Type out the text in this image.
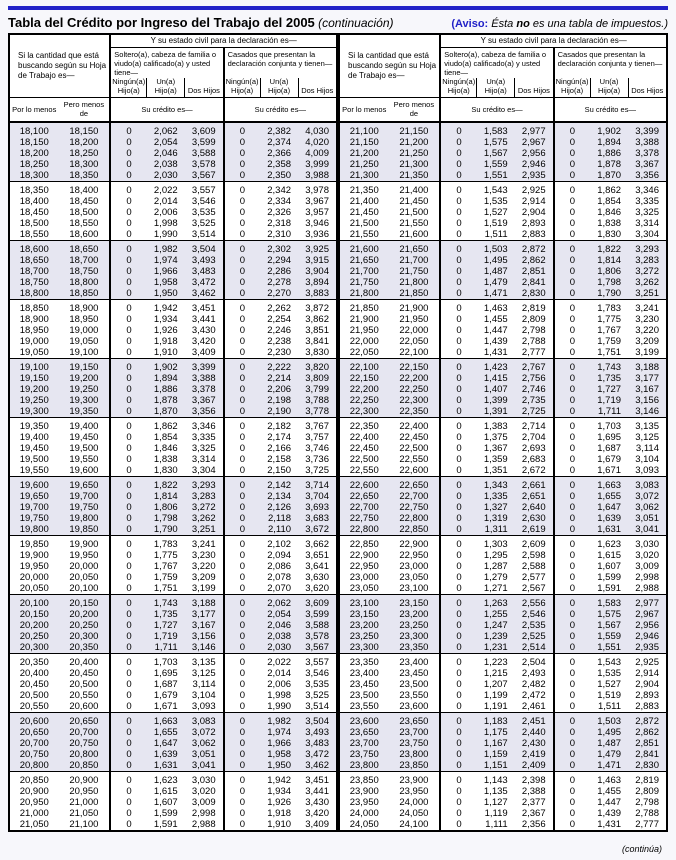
Tabla del Crédito por Ingreso del Trabajo del 2005 (continuación)	(Aviso: Ésta no es una tabla de impuestos.)
Si la cantidad que está buscando según su Hoja de Trabajo es—		Y su estado civil para la declaración es—					
		Soltero(a), cabeza de familia o viudo(a) calificado(a) y usted tiene—			Casados que presentan la declaración conjunta y tienen—		
		Ningún(a) Hijo(a)	Un(a) Hijo(a)	Dos Hijos	Ningún(a) Hijo(a)	Un(a) Hijo(a)	Dos Hijos
Por lo menos	Pero menos de	Su crédito es—			Su crédito es—		
18,100	18,150	0	2,062	3,609	0	2,382	4,030
18,150	18,200	0	2,054	3,599	0	2,374	4,020
18,200	18,250	0	2,046	3,588	0	2,366	4,009
18,250	18,300	0	2,038	3,578	0	2,358	3,999
18,300	18,350	0	2,030	3,567	0	2,350	3,988
18,350	18,400	0	2,022	3,557	0	2,342	3,978
18,400	18,450	0	2,014	3,546	0	2,334	3,967
18,450	18,500	0	2,006	3,535	0	2,326	3,957
18,500	18,550	0	1,998	3,525	0	2,318	3,946
18,550	18,600	0	1,990	3,514	0	2,310	3,936
18,600	18,650	0	1,982	3,504	0	2,302	3,925
18,650	18,700	0	1,974	3,493	0	2,294	3,915
18,700	18,750	0	1,966	3,483	0	2,286	3,904
18,750	18,800	0	1,958	3,472	0	2,278	3,894
18,800	18,850	0	1,950	3,462	0	2,270	3,883
18,850	18,900	0	1,942	3,451	0	2,262	3,872
18,900	18,950	0	1,934	3,441	0	2,254	3,862
18,950	19,000	0	1,926	3,430	0	2,246	3,851
19,000	19,050	0	1,918	3,420	0	2,238	3,841
19,050	19,100	0	1,910	3,409	0	2,230	3,830
19,100	19,150	0	1,902	3,399	0	2,222	3,820
19,150	19,200	0	1,894	3,388	0	2,214	3,809
19,200	19,250	0	1,886	3,378	0	2,206	3,799
19,250	19,300	0	1,878	3,367	0	2,198	3,788
19,300	19,350	0	1,870	3,356	0	2,190	3,778
19,350	19,400	0	1,862	3,346	0	2,182	3,767
19,400	19,450	0	1,854	3,335	0	2,174	3,757
19,450	19,500	0	1,846	3,325	0	2,166	3,746
19,500	19,550	0	1,838	3,314	0	2,158	3,736
19,550	19,600	0	1,830	3,304	0	2,150	3,725
19,600	19,650	0	1,822	3,293	0	2,142	3,714
19,650	19,700	0	1,814	3,283	0	2,134	3,704
19,700	19,750	0	1,806	3,272	0	2,126	3,693
19,750	19,800	0	1,798	3,262	0	2,118	3,683
19,800	19,850	0	1,790	3,251	0	2,110	3,672
19,850	19,900	0	1,783	3,241	0	2,102	3,662
19,900	19,950	0	1,775	3,230	0	2,094	3,651
19,950	20,000	0	1,767	3,220	0	2,086	3,641
20,000	20,050	0	1,759	3,209	0	2,078	3,630
20,050	20,100	0	1,751	3,199	0	2,070	3,620
20,100	20,150	0	1,743	3,188	0	2,062	3,609
20,150	20,200	0	1,735	3,177	0	2,054	3,599
20,200	20,250	0	1,727	3,167	0	2,046	3,588
20,250	20,300	0	1,719	3,156	0	2,038	3,578
20,300	20,350	0	1,711	3,146	0	2,030	3,567
20,350	20,400	0	1,703	3,135	0	2,022	3,557
20,400	20,450	0	1,695	3,125	0	2,014	3,546
20,450	20,500	0	1,687	3,114	0	2,006	3,535
20,500	20,550	0	1,679	3,104	0	1,998	3,525
20,550	20,600	0	1,671	3,093	0	1,990	3,514
20,600	20,650	0	1,663	3,083	0	1,982	3,504
20,650	20,700	0	1,655	3,072	0	1,974	3,493
20,700	20,750	0	1,647	3,062	0	1,966	3,483
20,750	20,800	0	1,639	3,051	0	1,958	3,472
20,800	20,850	0	1,631	3,041	0	1,950	3,462
20,850	20,900	0	1,623	3,030	0	1,942	3,451
20,900	20,950	0	1,615	3,020	0	1,934	3,441
20,950	21,000	0	1,607	3,009	0	1,926	3,430
21,000	21,050	0	1,599	2,998	0	1,918	3,420
21,050	21,100	0	1,591	2,988	0	1,910	3,409
Si la cantidad que está buscando según su Hoja de Trabajo es—		Y su estado civil para la declaración es—					
		Soltero(a), cabeza de familia o viudo(a) calificado(a) y usted tiene—			Casados que presentan la declaración conjunta y tienen—		
		Ningún(a) Hijo(a)	Un(a) Hijo(a)	Dos Hijos	Ningún(a) Hijo(a)	Un(a) Hijo(a)	Dos Hijos
Por lo menos	Pero menos de	Su crédito es—			Su crédito es—		
21,100	21,150	0	1,583	2,977	0	1,902	3,399
21,150	21,200	0	1,575	2,967	0	1,894	3,388
21,200	21,250	0	1,567	2,956	0	1,886	3,378
21,250	21,300	0	1,559	2,946	0	1,878	3,367
21,300	21,350	0	1,551	2,935	0	1,870	3,356
21,350	21,400	0	1,543	2,925	0	1,862	3,346
21,400	21,450	0	1,535	2,914	0	1,854	3,335
21,450	21,500	0	1,527	2,904	0	1,846	3,325
21,500	21,550	0	1,519	2,893	0	1,838	3,314
21,550	21,600	0	1,511	2,883	0	1,830	3,304
21,600	21,650	0	1,503	2,872	0	1,822	3,293
21,650	21,700	0	1,495	2,862	0	1,814	3,283
21,700	21,750	0	1,487	2,851	0	1,806	3,272
21,750	21,800	0	1,479	2,841	0	1,798	3,262
21,800	21,850	0	1,471	2,830	0	1,790	3,251
21,850	21,900	0	1,463	2,819	0	1,783	3,241
21,900	21,950	0	1,455	2,809	0	1,775	3,230
21,950	22,000	0	1,447	2,798	0	1,767	3,220
22,000	22,050	0	1,439	2,788	0	1,759	3,209
22,050	22,100	0	1,431	2,777	0	1,751	3,199
22,100	22,150	0	1,423	2,767	0	1,743	3,188
22,150	22,200	0	1,415	2,756	0	1,735	3,177
22,200	22,250	0	1,407	2,746	0	1,727	3,167
22,250	22,300	0	1,399	2,735	0	1,719	3,156
22,300	22,350	0	1,391	2,725	0	1,711	3,146
22,350	22,400	0	1,383	2,714	0	1,703	3,135
22,400	22,450	0	1,375	2,704	0	1,695	3,125
22,450	22,500	0	1,367	2,693	0	1,687	3,114
22,500	22,550	0	1,359	2,683	0	1,679	3,104
22,550	22,600	0	1,351	2,672	0	1,671	3,093
22,600	22,650	0	1,343	2,661	0	1,663	3,083
22,650	22,700	0	1,335	2,651	0	1,655	3,072
22,700	22,750	0	1,327	2,640	0	1,647	3,062
22,750	22,800	0	1,319	2,630	0	1,639	3,051
22,800	22,850	0	1,311	2,619	0	1,631	3,041
22,850	22,900	0	1,303	2,609	0	1,623	3,030
22,900	22,950	0	1,295	2,598	0	1,615	3,020
22,950	23,000	0	1,287	2,588	0	1,607	3,009
23,000	23,050	0	1,279	2,577	0	1,599	2,998
23,050	23,100	0	1,271	2,567	0	1,591	2,988
23,100	23,150	0	1,263	2,556	0	1,583	2,977
23,150	23,200	0	1,255	2,546	0	1,575	2,967
23,200	23,250	0	1,247	2,535	0	1,567	2,956
23,250	23,300	0	1,239	2,525	0	1,559	2,946
23,300	23,350	0	1,231	2,514	0	1,551	2,935
23,350	23,400	0	1,223	2,504	0	1,543	2,925
23,400	23,450	0	1,215	2,493	0	1,535	2,914
23,450	23,500	0	1,207	2,482	0	1,527	2,904
23,500	23,550	0	1,199	2,472	0	1,519	2,893
23,550	23,600	0	1,191	2,461	0	1,511	2,883
23,600	23,650	0	1,183	2,451	0	1,503	2,872
23,650	23,700	0	1,175	2,440	0	1,495	2,862
23,700	23,750	0	1,167	2,430	0	1,487	2,851
23,750	23,800	0	1,159	2,419	0	1,479	2,841
23,800	23,850	0	1,151	2,409	0	1,471	2,830
23,850	23,900	0	1,143	2,398	0	1,463	2,819
23,900	23,950	0	1,135	2,388	0	1,455	2,809
23,950	24,000	0	1,127	2,377	0	1,447	2,798
24,000	24,050	0	1,119	2,367	0	1,439	2,788
24,050	24,100	0	1,111	2,356	0	1,431	2,777
(continúa)
